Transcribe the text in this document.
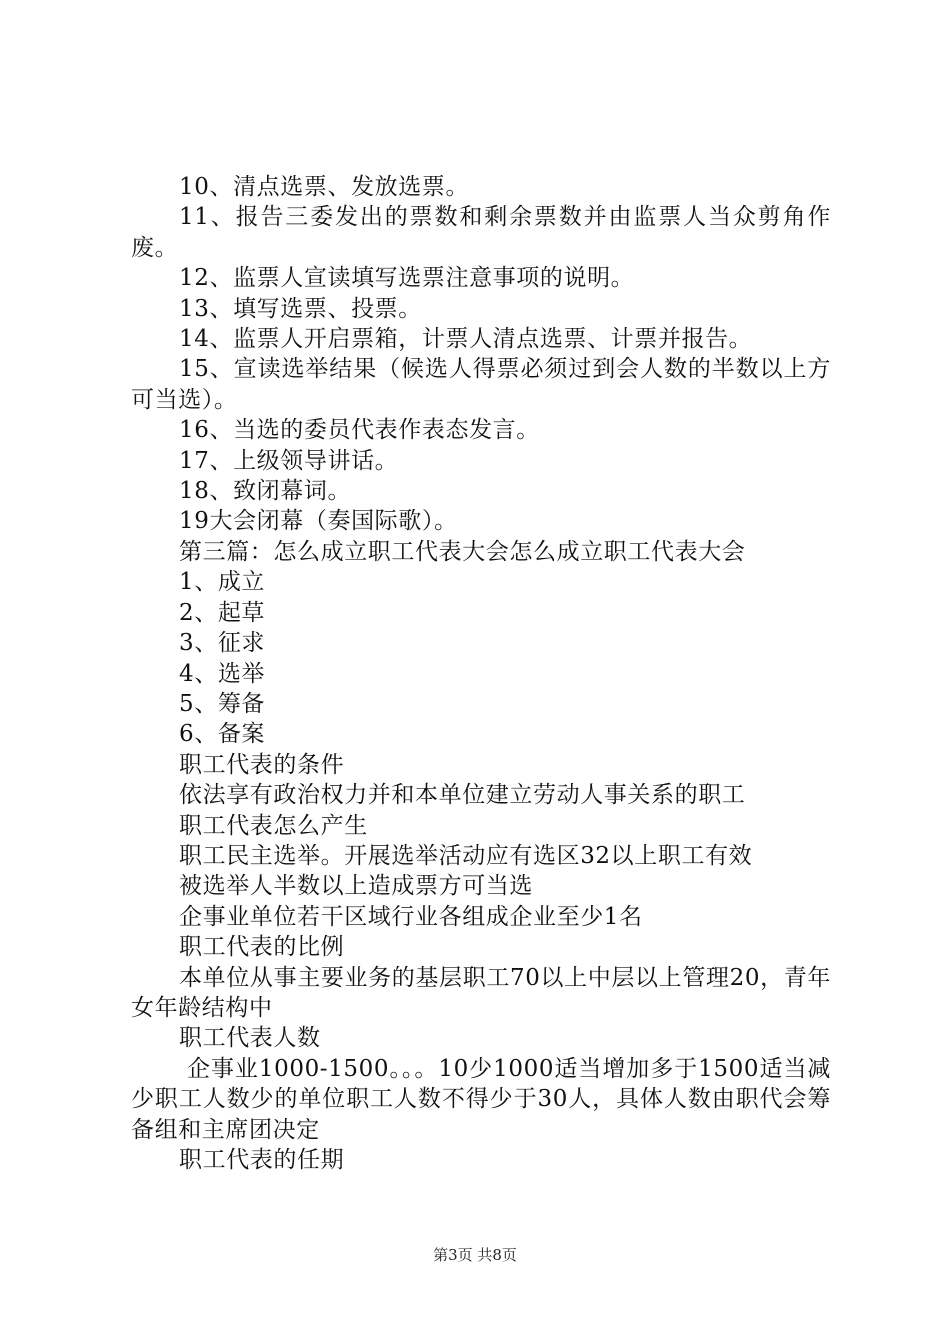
10、清点选票、发放选票。

11、报告三委发出的票数和剩余票数并由监票人当众剪角作废。

12、监票人宣读填写选票注意事项的说明。

13、填写选票、投票。

14、监票人开启票箱，计票人清点选票、计票并报告。

15、宣读选举结果（候选人得票必须过到会人数的半数以上方可当选）。

16、当选的委员代表作表态发言。

17、上级领导讲话。

18、致闭幕词。

19大会闭幕（奏国际歌）。

第三篇：怎么成立职工代表大会怎么成立职工代表大会

1、成立

2、起草

3、征求

4、选举

5、筹备

6、备案

职工代表的条件

依法享有政治权力并和本单位建立劳动人事关系的职工

职工代表怎么产生

职工民主选举。开展选举活动应有选区32以上职工有效

被选举人半数以上造成票方可当选

企事业单位若干区域行业各组成企业至少1名

职工代表的比例

本单位从事主要业务的基层职工70以上中层以上管理20，青年女年龄结构中

职工代表人数

企事业1000-1500。。。10少1000适当增加多于1500适当减少职工人数少的单位职工人数不得少于30人，具体人数由职代会筹备组和主席团决定

职工代表的任期

第3页 共8页
